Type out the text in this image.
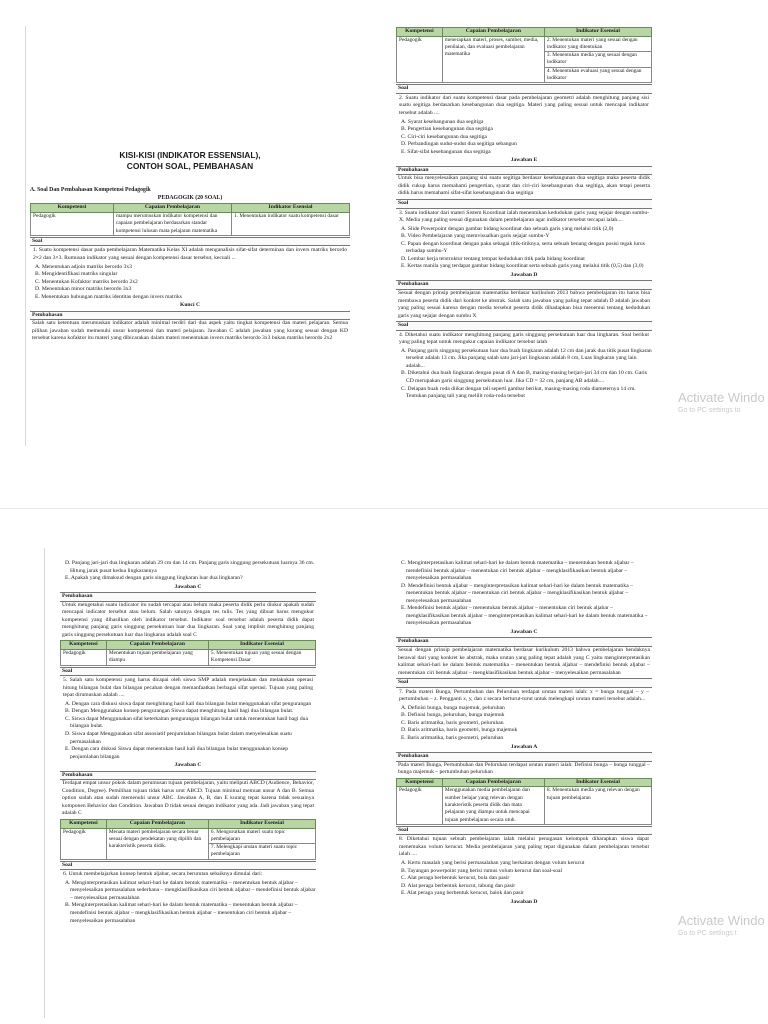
KISI-KISI (INDIKATOR ESSENSIAL),
CONTOH SOAL, PEMBAHASAN
A. Soal Dan Pembahasan Kompetensi Pedagogik
PEDAGOGIK (20 SOAL)
Kompetensi	Capaian Pembelajaran	Indikator Esensial
Pedagogik	mampu merumuskan indikator kompetensi dan capaian pembelajaran berdasarkan standar kompetensi lulusan mata pelajaran matematika	1. Menentukan indikator suatu kompetensi dasar
Soal
1. Suatu kompetensi dasar pada pembelajaran Matematika Kelas XI adalah menganalisis sifat-sifat determinan dan invers matriks berordo 2×2 dan 3×3. Rumusan indikator yang sesuai dengan kompetensi dasar tersebut, kecuali ...
A. Menentukan adjoin matriks berordo 3x3
B. Mengidentifikasi matriks singular
C. Menentukan Kofaktor matriks berordo 2x2
D. Menentukan minor matriks berordo 3x3
E. Menentukan hubungan matriks identitas dengan invers matriks
Kunci C
Pembahasan
Salah satu ketentuan merumuskan indikator adalah minimal terdiri dari dua aspek yaitu tingkat kompetensi dan materi pelajaran. Semua pilihan jawaban sudah memenuhi unsur kompetensi dan materi pelajaran. Jawaban C adalah jawaban yang kurang sesuai dengan KD tersebut karena kofaktor itu materi yang dibicarakan dalam materi menentukan invers matriks berordo 3x3 bukan matriks berordo 2x2
Kompetensi	Capaian Pembelajaran	Indikator Esensial
Pedagogik	menerapkan materi, proses, sumber, media, penilaian, dan evaluasi pembelajaran matematika	2. Menentukan materi yang sesuai dengan indikator yang ditentukan
		3. Menentukan media yang sesuai dengan indikator
		4. Menentukan evaluasi yang sesuai dengan indikator
Soal
2. Suatu indikator dari suatu kompetensi dasar pada pembelajaran geometri adalah menghitung panjang sisi suatu segitiga berdasarkan kesebangunan dua segitiga. Materi yang paling sesuai untuk mencapai indikator tersebut adalah ....
A. Syarat kesebangunan dua segitiga
B. Pengertian kesebangunan dua segitiga
C. Ciri-ciri kesebangunan dua segitiga
D. Perbandingan sudut-sudut dua segitiga sebangun
E. Sifat-sifat kesebangunan dua segitiga
Jawaban E
Pembahasan
Untuk bisa menyelesaikan panjang sisi suatu segitiga berdasar kesebangunan dua segitiga maka peserta didik didik cukup harus memahami pengertian, syarat dan ciri-ciri kesebangunan dua segitiga, akan tetapi peserta didik harus memahami sifat-sifat kesebangunan dua segitiga
Soal
3. Suatu indikator dari materi Sistem Koordinat ialah menentukan kedudukan garis yang sejajar dengan sumbu-X. Media yang paling sesuai digunakan dalam pembelajaran agar indikator tersebut tercapai ialah....
A. Slide Powerpoint dengan gambar bidang koordinat dan sebuah garis yang melalui titik (2,0)
B. Video Pembelajaran yang memvisualkan garis sejajar sumbu-Y
C. Papan dengan koordinat dengan paku sebagai titik-titiknya, serta sebuah benang dengan posisi tegak lurus terhadap sumbu-Y
D. Lembar kerja terstruktur tentang tempat kedudukan titik pada bidang koordinat
E. Kertas manila yang terdapat gambar bidang koordinat serta sebuah garis yang melalui titik (0,5) dan (3,0)
Jawaban D
Pembahasan
Sesuai dengan prinsip pembelajaran matematika berdasar kurikulum 2013 bahwa pembelajaran itu harus bisa membawa peserta didik dari konkret ke abstrak. Salah satu jawaban yang paling tepat adalah D adalah jawaban yang paling sesuai karena dengan media tersebut peserta didik dihadapkan bisa menemui tentang kedudukan garis yang sejajar dengan sumbu X
Soal
4. Diketahui suatu indikator menghitung panjang garis singgung persekutuan luar dua lingkaran. Soal berikut yang paling tepat untuk mengukur capaian indikator tersebut ialah
A. Panjang garis singgung persekutuan luar dua buah lingkaran adalah 12 cm dan jarak dua titik pusat lingkaran tersebut adalah 13 cm. Jika panjang salah satu jari-jari lingkaran adalah 8 cm, Luas lingkaran yang lain adalah...
B. Diketahui dua buah lingkaran dengan pusat di A dan B, masing-masing berjari-jari 34 cm dan 10 cm. Garis CD merupakan garis singgung persekutuan luar. Jika CD = 32 cm, panjang AB adalah....
C. Delapan buah roda diikat dengan tali seperti gambar berikut, masing-masing roda diameternya 14 cm. Tentukan panjang tali yang melilit roda-roda tersebut
D. Panjang jari-jari dua lingkaran adalah 29 cm dan 14 cm. Panjang garis singgung persekutuan luarnya 36 cm. Hitung jarak pusat kedua lingkarannya
E. Apakah yang dimaksud dengan garis singgung lingkaran luar dua lingkaran?
Jawaban C
Pembahasan
Untuk mengetahui suatu indicator itu sudah tercapai atau belum maka peserta didik perlu diukur apakah sudah mencapai indicator tersebut atau belum. Salah satunya dengan tes tulis. Tes yang dibuat harus mengukur kompetensi yang dihasilkan oleh indikator tersebut. Indikator soal tersebut adalah peserta didik dapat menghitung panjang garis singgung persekutuan luar dua lingkaran. Soal yang implisit menghitung panjang garis singgung persekutuan luar dua lingkaran adalah soal C
Kompetensi	Capaian Pembelajaran	Indikator Esensial
Pedagogik	Menentukan tujuan pembelajaran yang diampu	5. Menentukan tujuan yang sesuai dengan Kompetensi Dasar
Soal
5. Salah satu kompetensi yang harus dicapai oleh siswa SMP adalah menjelaskan dan melakukan operasi hitung bilangan bulat dan bilangan pecahan dengan memanfaatkan berbagai sifat operasi. Tujuan yang paling tepat dirumuskan adalah ....
A. Dengan cara diskusi siswa dapat menghitung hasil kali dua bilangan bulat menggunakan sifat pengurangan
B. Dengan Menggunakan konsep pengurangan Siswa dapat menghitung hasil bagi dua bilangan bulat.
C. Siswa dapat Menggunakan sifat keterkaitan pengurangan bilangan bulat untuk menentukan hasil bagi dua bilangan bulat.
D. Siswa dapat Menggunakan sifat assosiatif penjumlahan bilangan bulat dalam menyelesaikan suatu permasalahan
E. Dengan cara diskusi Siswa dapat menentukan hasil kali dua bilangan bulat menggunakan konsep penjumlahan bilangan
Jawaban C
Pembahasan
Terdapat empat unsur pokok dalam perumusan tujuan pembelajaran, yaitu meliputi ABCD (Audience, Behavior, Condition, Degree). Pemilihan tujuan tidak harus urut ABCD. Tujuan minimal memuat unsur A dan B. Semua option sudah atau sudah memenuhi unsur ABC. Jawaban A, B, dan E kurang tepat karena tidak sesuainya komponen Behavior dan Condition. Jawaban D tidak sesuai dengan indikator yang ada. Jadi jawaban yang tepat adalah C
Kompetensi	Capaian Pembelajaran	Indikator Esensial
Pedagogik	Menata materi pembelajaran secara benar sesuai dengan pendekatan yang dipilih dan karakteristik peserta didik.	6. Mengurutkan materi suatu topic pembelajaran
		7. Melengkapi urutan materi suatu topic pembelajaran
Soal
6. Untuk membelajarkan konsep bentuk aljabar, secara berurutan sebaiknya dimulai dari:
A. Menginterpretasikan kalimat sehari-hari ke dalam bentuk matematika – menentukan bentuk aljabar – menyelesaikan permasalahan sederhana – mengklasifikasikan ciri bentuk aljabar – mendefinisi bentuk aljabar – menyelesaikan permasalahan
B. Menginterpretasikan kalimat sehari-hari ke dalam bentuk matematika – menentukan bentuk aljabar – mendefinisi bentuk aljabar – mengklasifikasikan bentuk aljabar – menentukan ciri bentuk aljabar – menyelesaikan permasalahan
C. Menginterpretasikan kalimat sehari-hari ke dalam bentuk matematika – menentukan bentuk aljabar – mendefinisi bentuk aljabar – menentukan ciri bentuk aljabar – mengklasifikasikan bentuk aljabar – menyelesaikan permasalahan
D. Mendefinisi bentuk aljabar – menginterpretasikan kalimat sehari-hari ke dalam bentuk matematika – menentukan bentuk aljabar – menentukan ciri bentuk aljabar – mengklasifikasikan bentuk aljabar – menyelesaikan permasalahan
E. Mendefinisi bentuk aljabar – menentukan bentuk aljabar – menentukan ciri bentuk aljabar – mengklasifikasikan bentuk aljabar – menginterpretasikan kalimat sehari-hari ke dalam bentuk matematika – menyelesaikan permasalahan
Jawaban C
Pembahasan
Sesuai dengan prinsip pembelajaran matematika berdasar kurikulum 2013 bahwa pembelajaran hendaknya berawal dari yang konkret ke abstrak, maka urutan yang paling tepat adalah yang C yaitu menginterpretasikan kalimat sehari-hari ke dalam bentuk matematika – menentukan bentuk aljabar – mendefinisi bentuk aljabar – menentukan ciri bentuk aljabar – mengklasifikasikan bentuk aljabar – menyelesaikan permasalahan
Soal
7. Pada materi Bunga, Pertumbuhan dan Peluruhan terdapat urutan materi ialah: x = bunga tunggal – y – pertumbuhan – z. Pengganti x, y, dan z secara berturut-turut untuk melengkapi urutan materi tersebut adalah...
A. Definisi bunga, bunga majemuk, peluruhan
B. Definisi bunga, peluruhan, bunga majemuk
C. Baris aritmatika, baris geometri, peluruhan
D. Baris aritmatika, baris geometri, bunga majemuk
E. Baris aritmatika, baris geometri, peluruhan
Jawaban A
Pembahasan
Pada materi Bunga, Pertumbuhan dan Peluruhan terdapat urutan materi ialah: Definisi bunga – bunga tunggal – bunga majemuk – pertumbuhan peluruhan
Kompetensi	Capaian Pembelajaran	Indikator Esensial
Pedagogik	Menggunakan media pembelajaran dan sumber belajar yang relevan dengan karakteristik peserta didik dan mata pelajaran yang diampu untuk mencapai tujuan pembelajaran secara utuh.	8. Menentukan media yang relevan dengan tujuan pembelajaran
Soal
8. Diketahui tujuan sebuah pembelajaran ialah melalui penugasan kelompok diharapkan siswa dapat menemukan volum kerucut. Media pembelajaran yang paling tepat digunakan dalam pembelajaran tersebut ialah ....
A. Kertu masalah yang berisi permasalahan yang berkaitan dengan volum kerucut
B. Tayangan powerpoint yang berisi rumus volum kerucut dan soal-soal
C. Alat peraga berbentuk kerucut, bola dan pasir
D. Alat peraga berbentuk kerucut, tabung dan pasir
E. Alat peraga yang berbentuk kerucut, balok dan pasir
Jawaban D
Activate Windo
Go to PC settings to
Activate Windo
Go to PC settings t
